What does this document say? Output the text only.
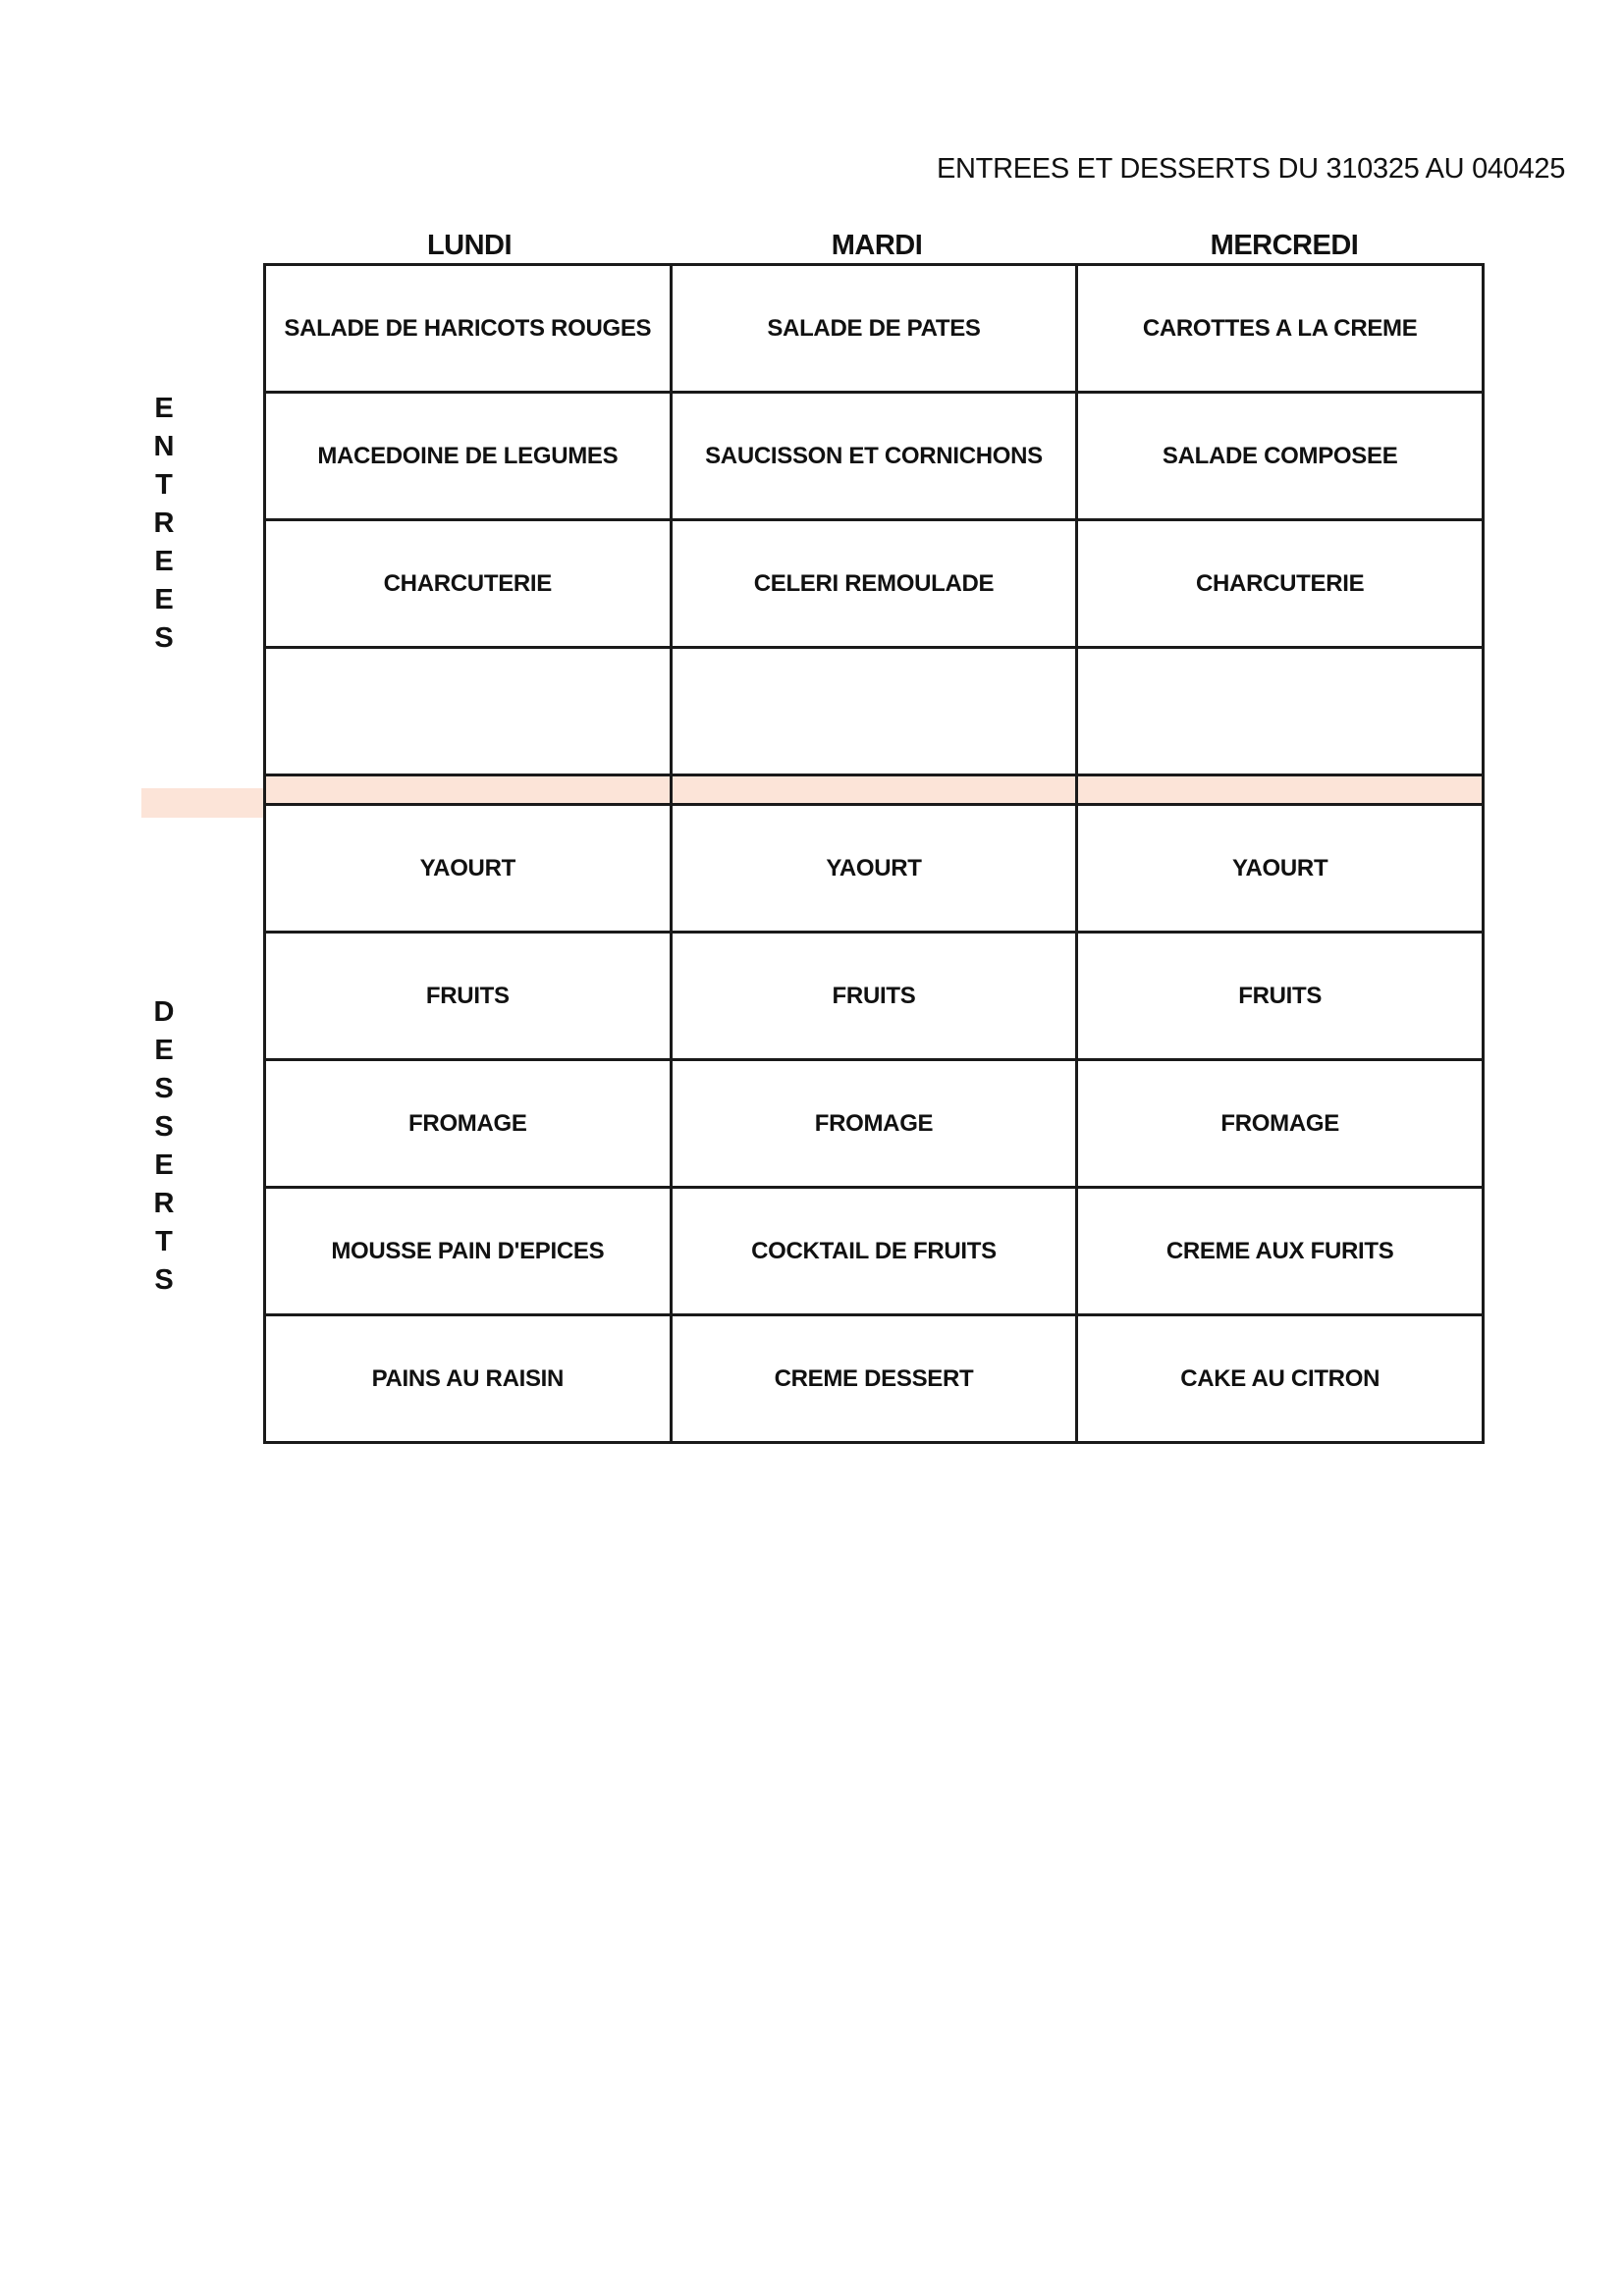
ENTREES ET DESSERTS DU 310325 AU 040425
LUNDI	MARDI	MERCREDI
E
N
T
R
E
E
S
D
E
S
S
E
R
T
S
SALADE DE HARICOTS ROUGES	SALADE DE PATES	CAROTTES A LA CREME
MACEDOINE DE LEGUMES	SAUCISSON ET CORNICHONS	SALADE COMPOSEE
CHARCUTERIE	CELERI REMOULADE	CHARCUTERIE

YAOURT	YAOURT	YAOURT
FRUITS	FRUITS	FRUITS
FROMAGE	FROMAGE	FROMAGE
MOUSSE PAIN D'EPICES	COCKTAIL DE FRUITS	CREME AUX FURITS
PAINS AU RAISIN	CREME DESSERT	CAKE AU CITRON
